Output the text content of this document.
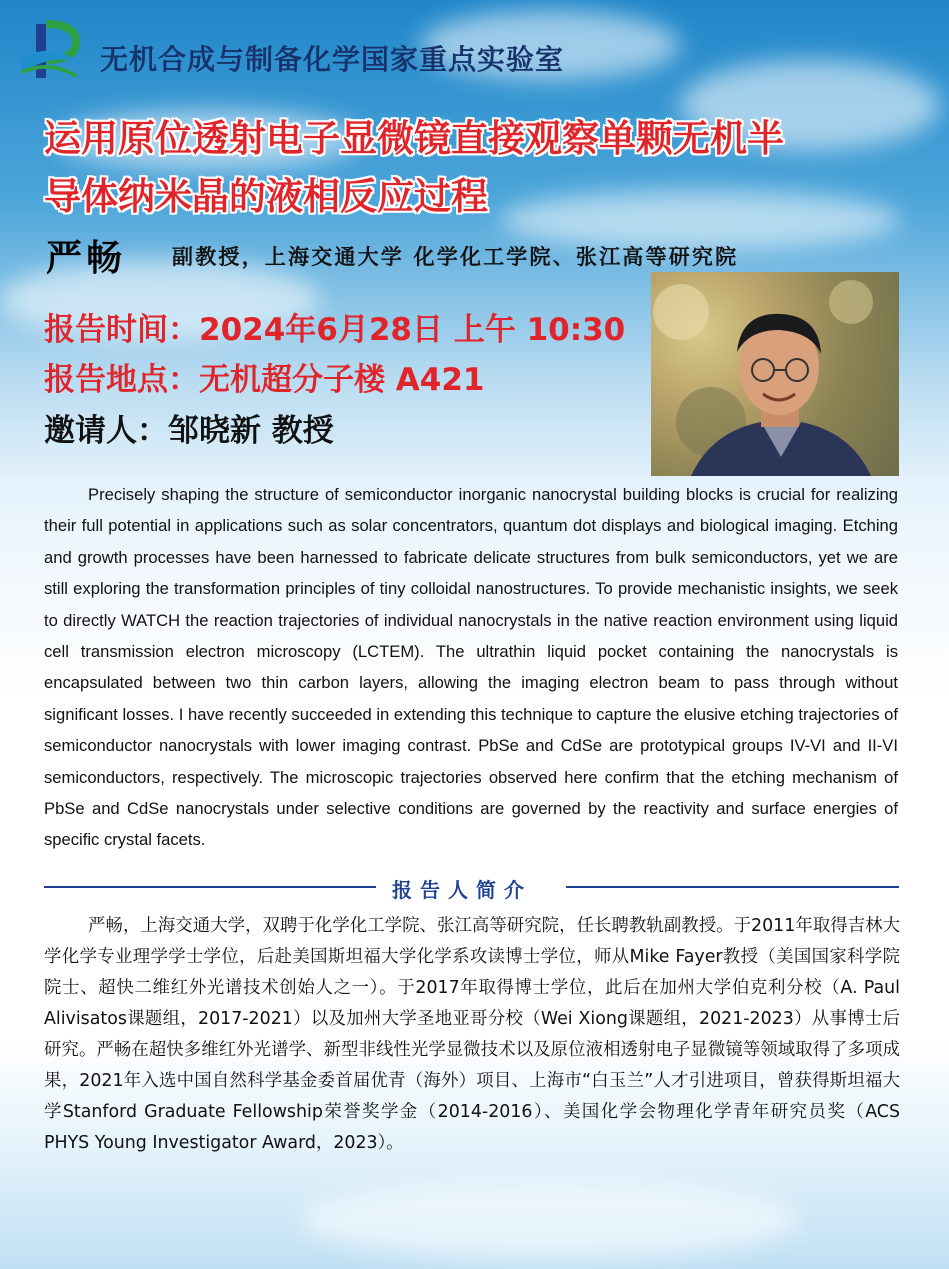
无机合成与制备化学国家重点实验室
运用原位透射电子显微镜直接观察单颗无机半
导体纳米晶的液相反应过程
严畅 副教授，上海交通大学 化学化工学院、张江高等研究院
报告时间：2024年6月28日 上午 10:30
报告地点：无机超分子楼 A421
邀请人：邹晓新 教授
Precisely shaping the structure of semiconductor inorganic nanocrystal building blocks is crucial for realizing their full potential in applications such as solar concentrators, quantum dot displays and biological imaging. Etching and growth processes have been harnessed to fabricate delicate structures from bulk semiconductors, yet we are still exploring the transformation principles of tiny colloidal nanostructures. To provide mechanistic insights, we seek to directly WATCH the reaction trajectories of individual nanocrystals in the native reaction environment using liquid cell transmission electron microscopy (LCTEM). The ultrathin liquid pocket containing the nanocrystals is encapsulated between two thin carbon layers, allowing the imaging electron beam to pass through without significant losses. I have recently succeeded in extending this technique to capture the elusive etching trajectories of semiconductor nanocrystals with lower imaging contrast. PbSe and CdSe are prototypical groups IV-VI and II-VI semiconductors, respectively. The microscopic trajectories observed here confirm that the etching mechanism of PbSe and CdSe nanocrystals under selective conditions are governed by the reactivity and surface energies of specific crystal facets.
报告人简介
严畅，上海交通大学，双聘于化学化工学院、张江高等研究院，任长聘教轨副教授。于2011年取得吉林大学化学专业理学学士学位，后赴美国斯坦福大学化学系攻读博士学位，师从Mike Fayer教授（美国国家科学院院士、超快二维红外光谱技术创始人之一）。于2017年取得博士学位，此后在加州大学伯克利分校（A. Paul Alivisatos课题组，2017-2021）以及加州大学圣地亚哥分校（Wei Xiong课题组，2021-2023）从事博士后研究。严畅在超快多维红外光谱学、新型非线性光学显微技术以及原位液相透射电子显微镜等领域取得了多项成果，2021年入选中国自然科学基金委首届优青（海外）项目、上海市“白玉兰”人才引进项目，曾获得斯坦福大学Stanford Graduate Fellowship荣誉奖学金（2014-2016）、美国化学会物理化学青年研究员奖（ACS PHYS Young Investigator Award，2023）。
